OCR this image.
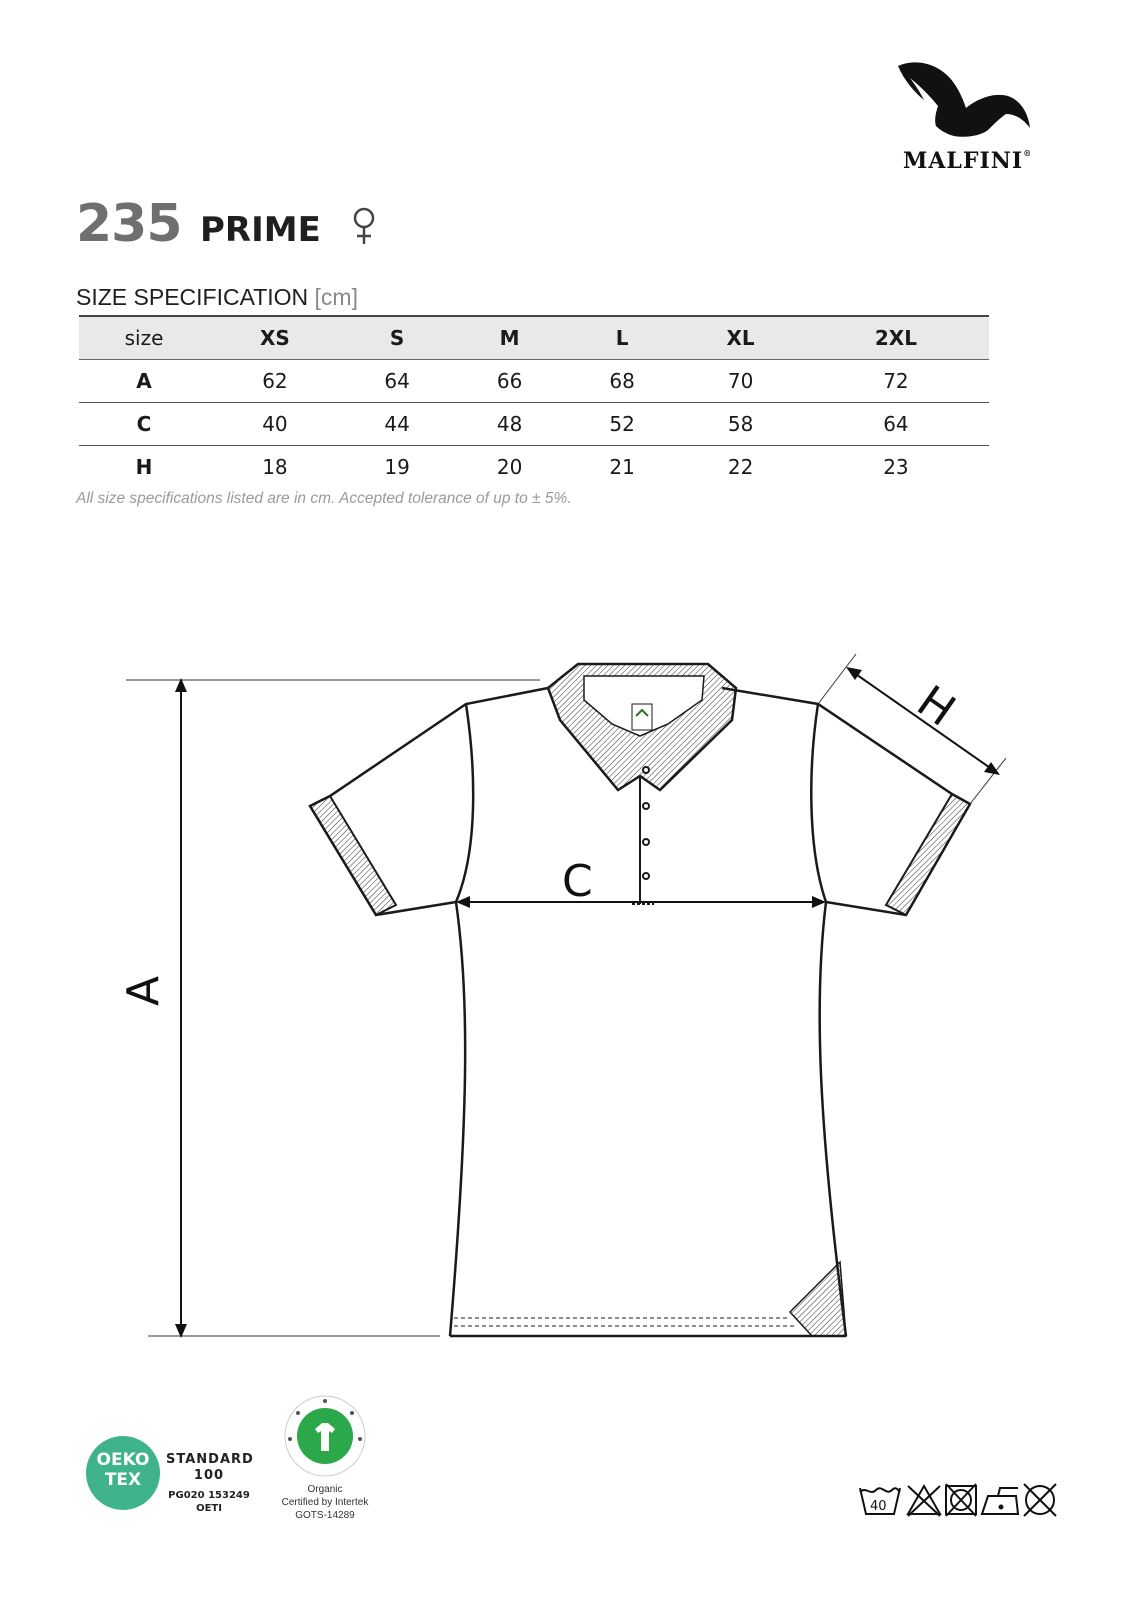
MALFINI®
235 PRIME
SIZE SPECIFICATION [cm]
size	XS	S	M	L	XL	2XL
A	62	64	66	68	70	72
C	40	44	48	52	58	64
H	18	19	20	21	22	23
All size specifications listed are in cm. Accepted tolerance of up to ± 5%.
A
C
H
OEKO
TEX
STANDARD
100
PG020 153249
OETI
Organic
Certified by Intertek
GOTS-14289
40
